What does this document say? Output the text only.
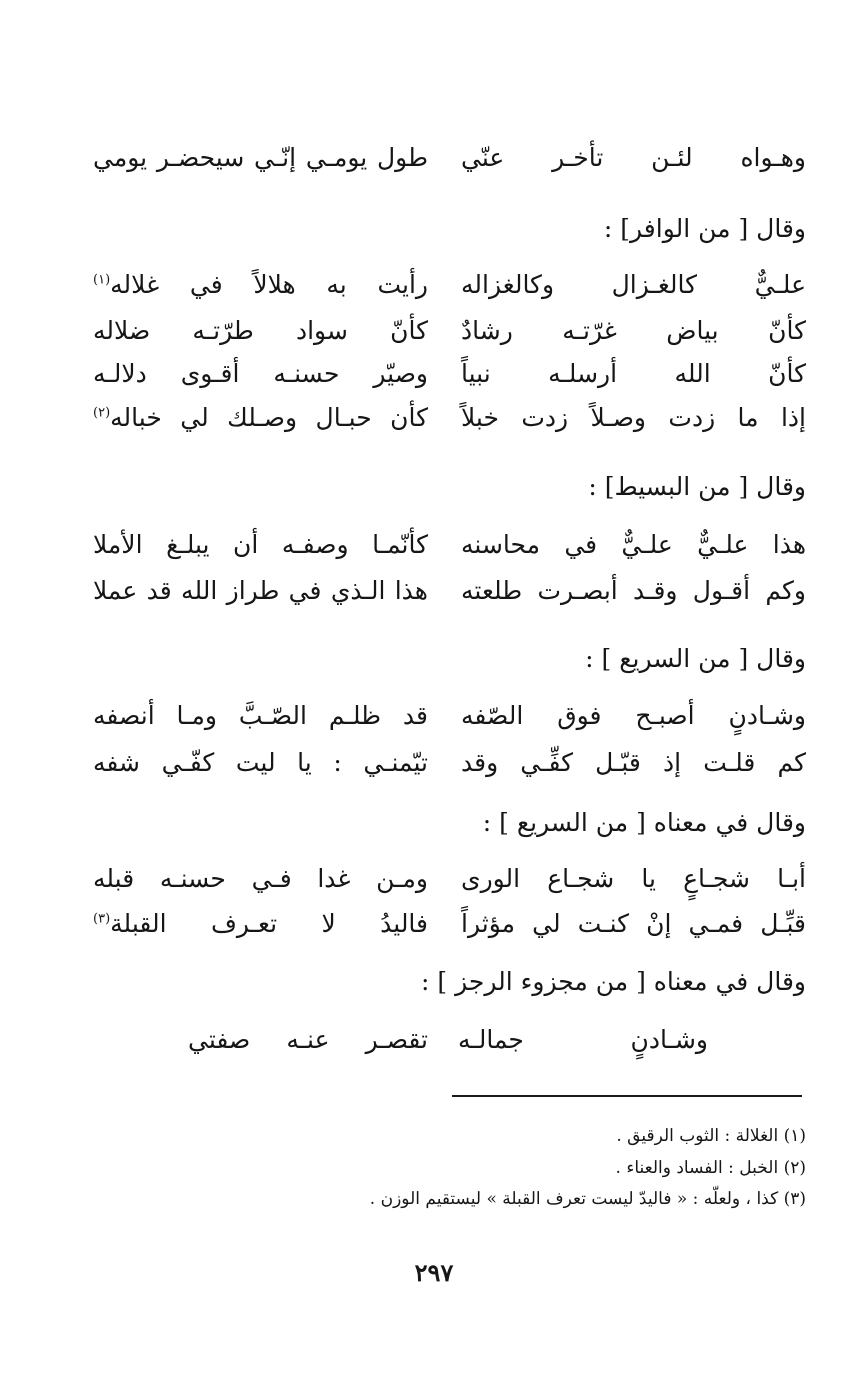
وهـواه لئـن تأخـر عنّي
طول يومـي إنّـي سيحضـر يومي
وقال [ من الوافر] :
علـيٌّ كالغـزال وكالغزاله
رأيت به هلالاً في غلاله$^{(١)}$
كأنّ بياض غرّتـه رشادٌ
كأنّ سواد طرّتـه ضلاله
كأنّ الله أرسلـه نبياً
وصيّر حسنـه أقـوى دلالـه
إذا ما زدت وصـلاً زدت خبلاً
كأن حبـال وصـلك لي خباله$^{(٢)}$
وقال [ من البسيط] :
هذا علـيٌّ علـيٌّ في محاسنه
كأنّمـا وصفـه أن يبلـغ الأملا
وكم أقـول وقـد أبصـرت طلعته
هذا الـذي في طراز الله قد عملا
وقال [ من السريع ] :
وشـادنٍ أصبـح فوق الصّفه
قد ظلـم الصّـبَّ ومـا أنصفه
كم قلـت إذ قبّـل كفِّـي وقد
تيّمنـي : يا ليت كفّـي شفه
وقال في معناه [ من السريع ] :
أبـا شجـاعٍ يا شجـاع الورى
ومـن غدا فـي حسنـه قبله
قبِّـل فمـي إنْ كنـت لي مؤثراً
فاليدُ لا تعـرف القبلة$^{(٣)}$
وقال في معناه [ من مجزوء الرجز ] :
وشـادنٍ جمالـه
تقصـر عنـه صفتي
(١) الغلالة : الثوب الرقيق .
(٢) الخبل : الفساد والعناء .
(٣) كذا ، ولعلّه : « فاليدّ ليست تعرف القبلة » ليستقيم الوزن .
٢٩٧
